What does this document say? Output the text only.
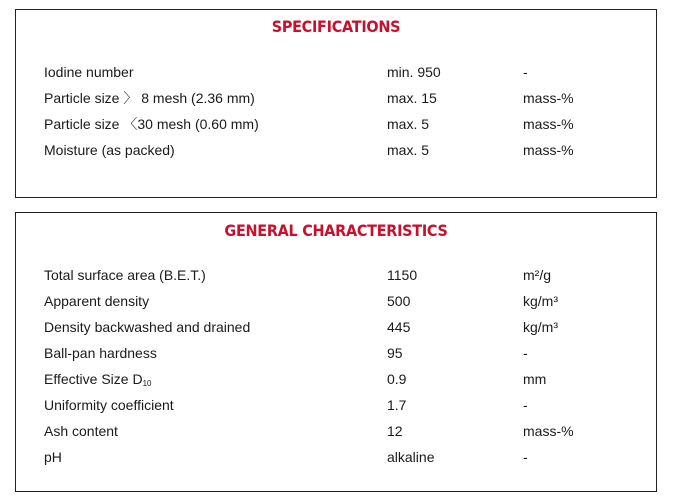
SPECIFICATIONS
Iodine number	min. 950	-
Particle size 〉 8 mesh (2.36 mm)	max. 15	mass-%
Particle size 〈30 mesh (0.60 mm)	max. 5	mass-%
Moisture (as packed)	max. 5	mass-%
GENERAL CHARACTERISTICS
Total surface area (B.E.T.)	1150	m²/g
Apparent density	500	kg/m³
Density backwashed and drained	445	kg/m³
Ball-pan hardness	95	-
Effective Size $D_{10}$	0.9	mm
Uniformity coefficient	1.7	-
Ash content	12	mass-%
pH	alkaline	-
